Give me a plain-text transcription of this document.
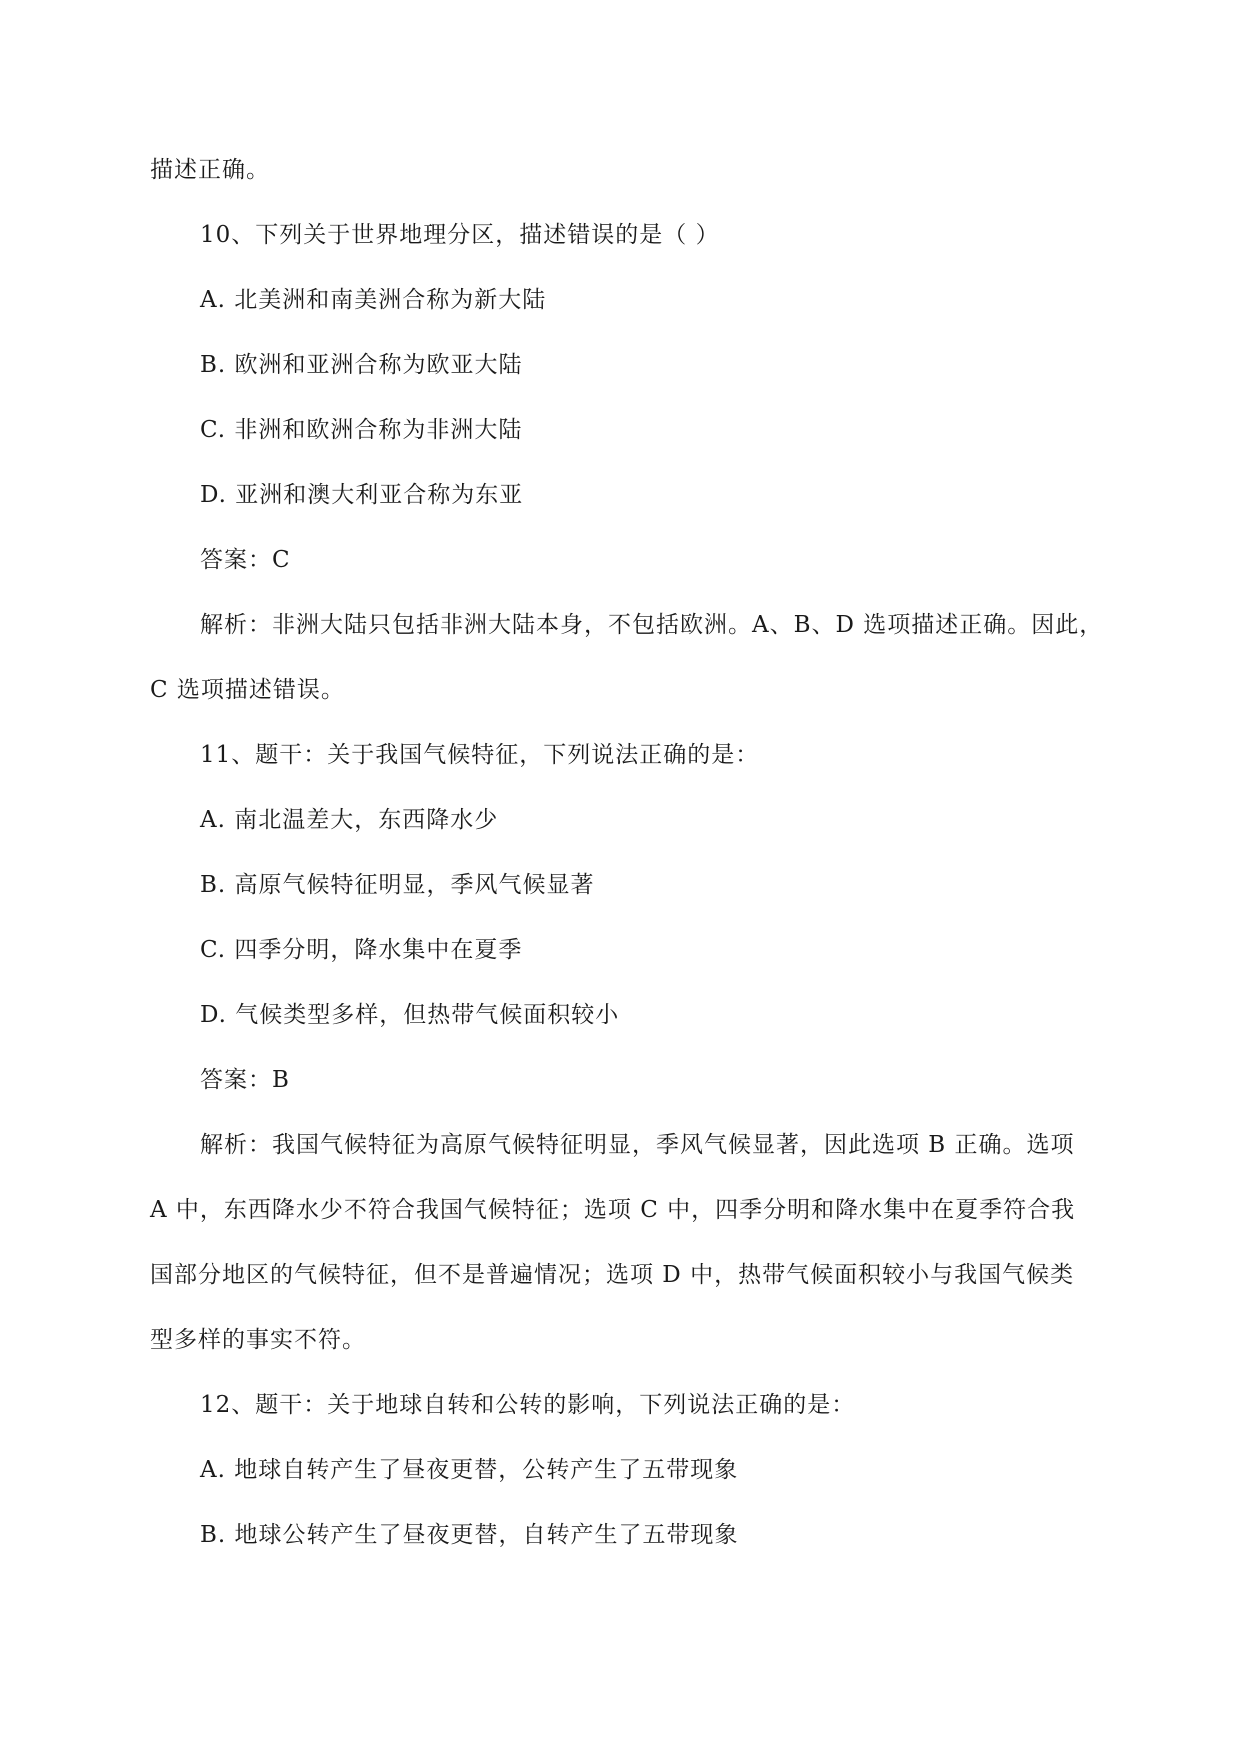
描述正确。
10、下列关于世界地理分区，描述错误的是（ ）
A. 北美洲和南美洲合称为新大陆
B. 欧洲和亚洲合称为欧亚大陆
C. 非洲和欧洲合称为非洲大陆
D. 亚洲和澳大利亚合称为东亚
答案：C
解析：非洲大陆只包括非洲大陆本身，不包括欧洲。A、B、D 选项描述正确。因此，
C 选项描述错误。
11、题干：关于我国气候特征，下列说法正确的是：
A. 南北温差大，东西降水少
B. 高原气候特征明显，季风气候显著
C. 四季分明，降水集中在夏季
D. 气候类型多样，但热带气候面积较小
答案：B
解析：我国气候特征为高原气候特征明显，季风气候显著，因此选项 B 正确。选项
A 中，东西降水少不符合我国气候特征；选项 C 中，四季分明和降水集中在夏季符合我
国部分地区的气候特征，但不是普遍情况；选项 D 中，热带气候面积较小与我国气候类
型多样的事实不符。
12、题干：关于地球自转和公转的影响，下列说法正确的是：
A. 地球自转产生了昼夜更替，公转产生了五带现象
B. 地球公转产生了昼夜更替，自转产生了五带现象
